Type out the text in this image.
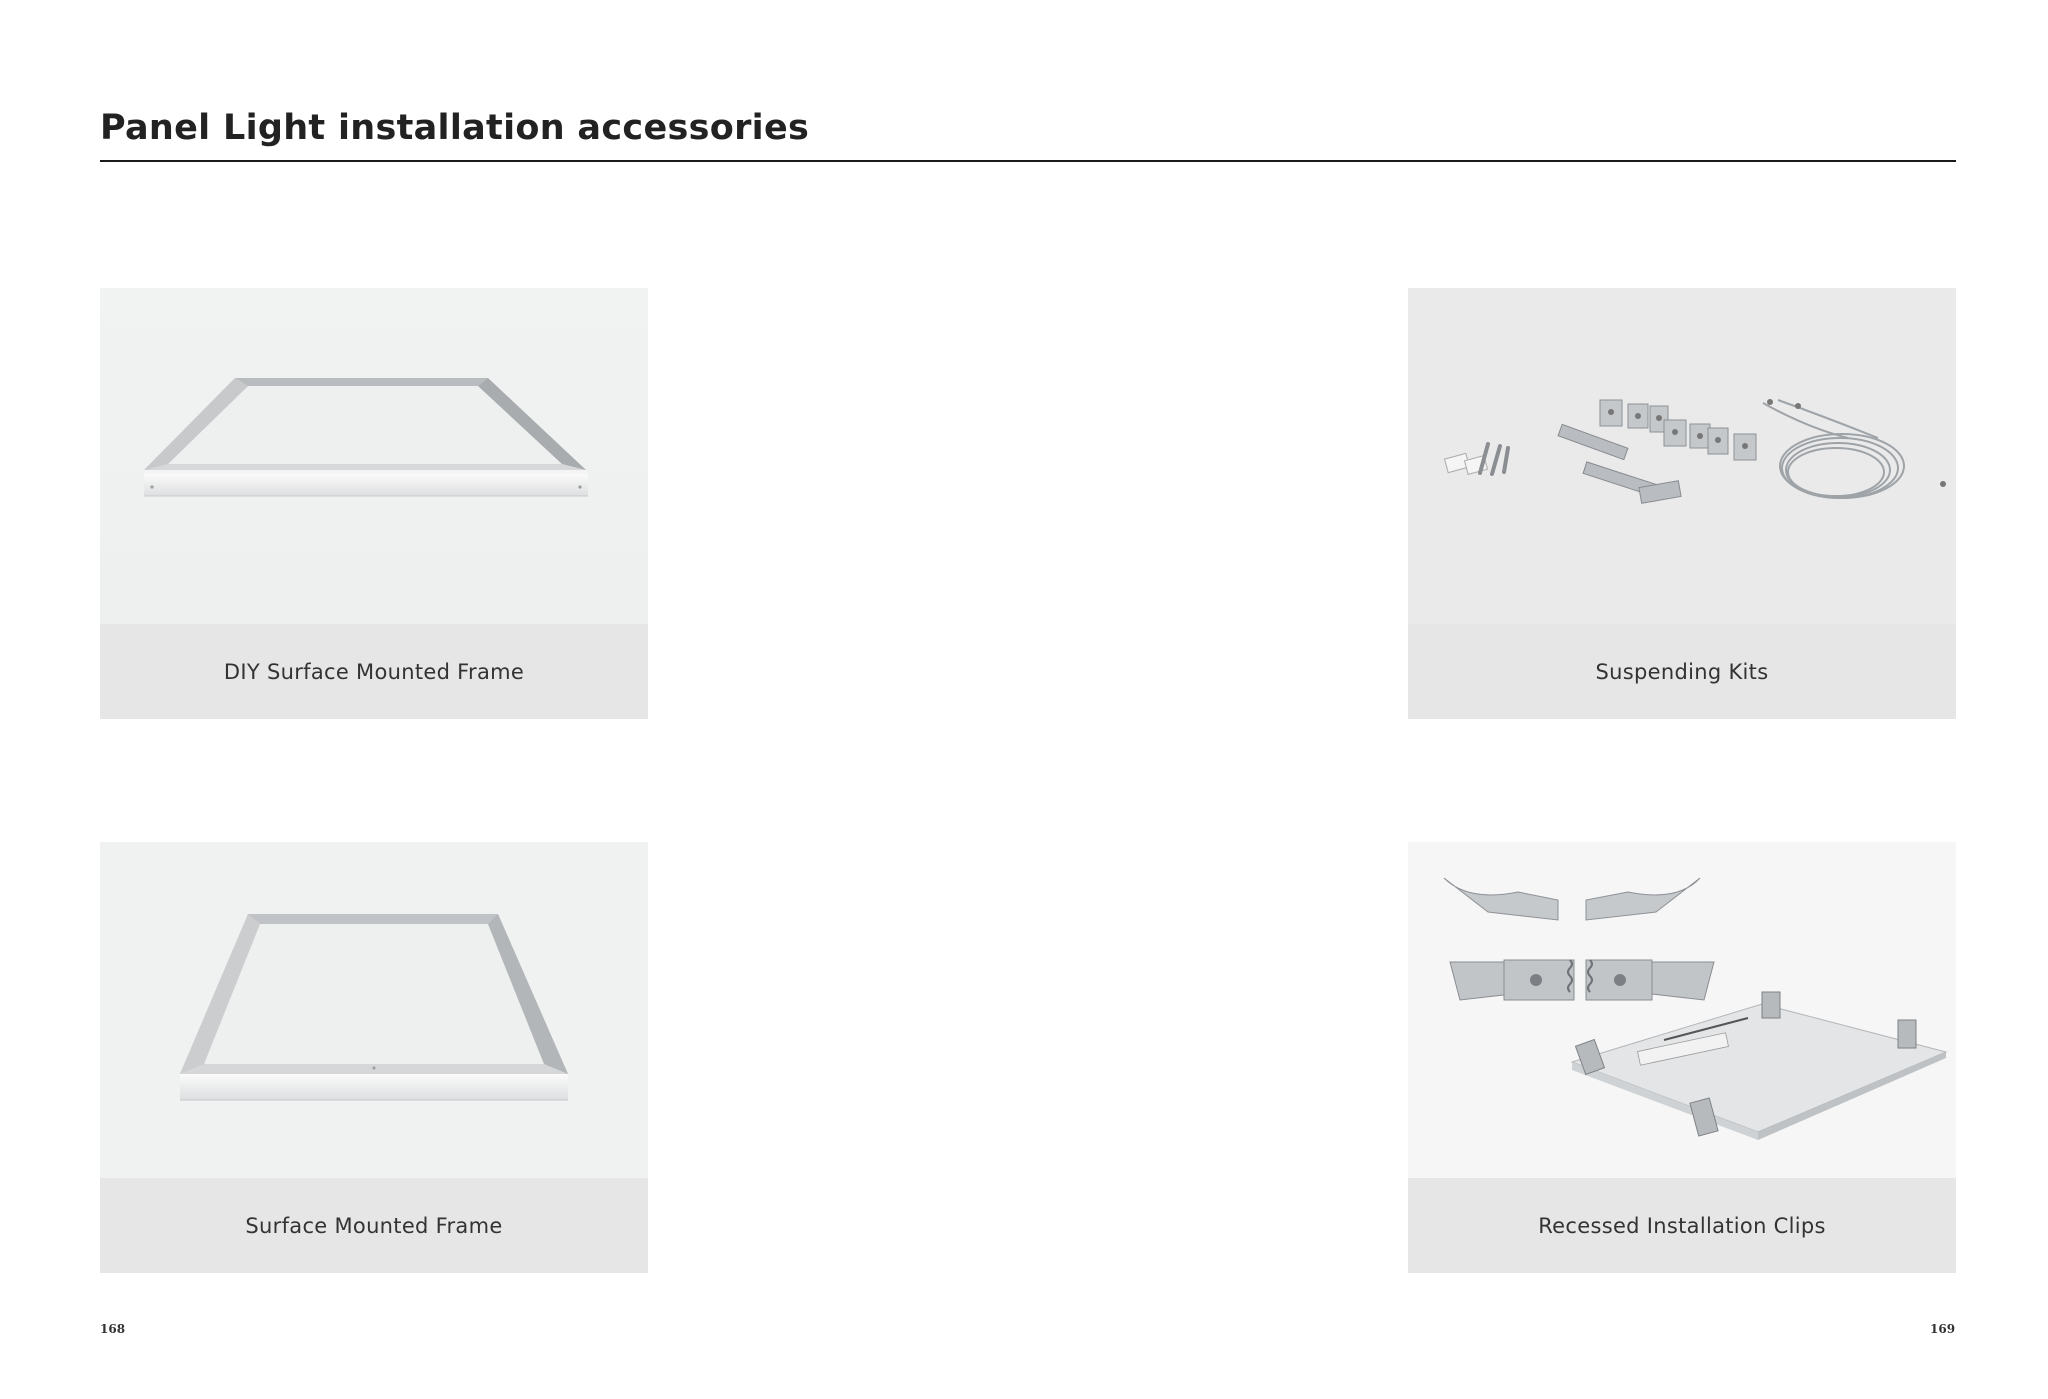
Panel Light installation accessories
DIY Surface Mounted Frame	Suspending Kits
Surface Mounted Frame	Recessed Installation Clips
168	169
